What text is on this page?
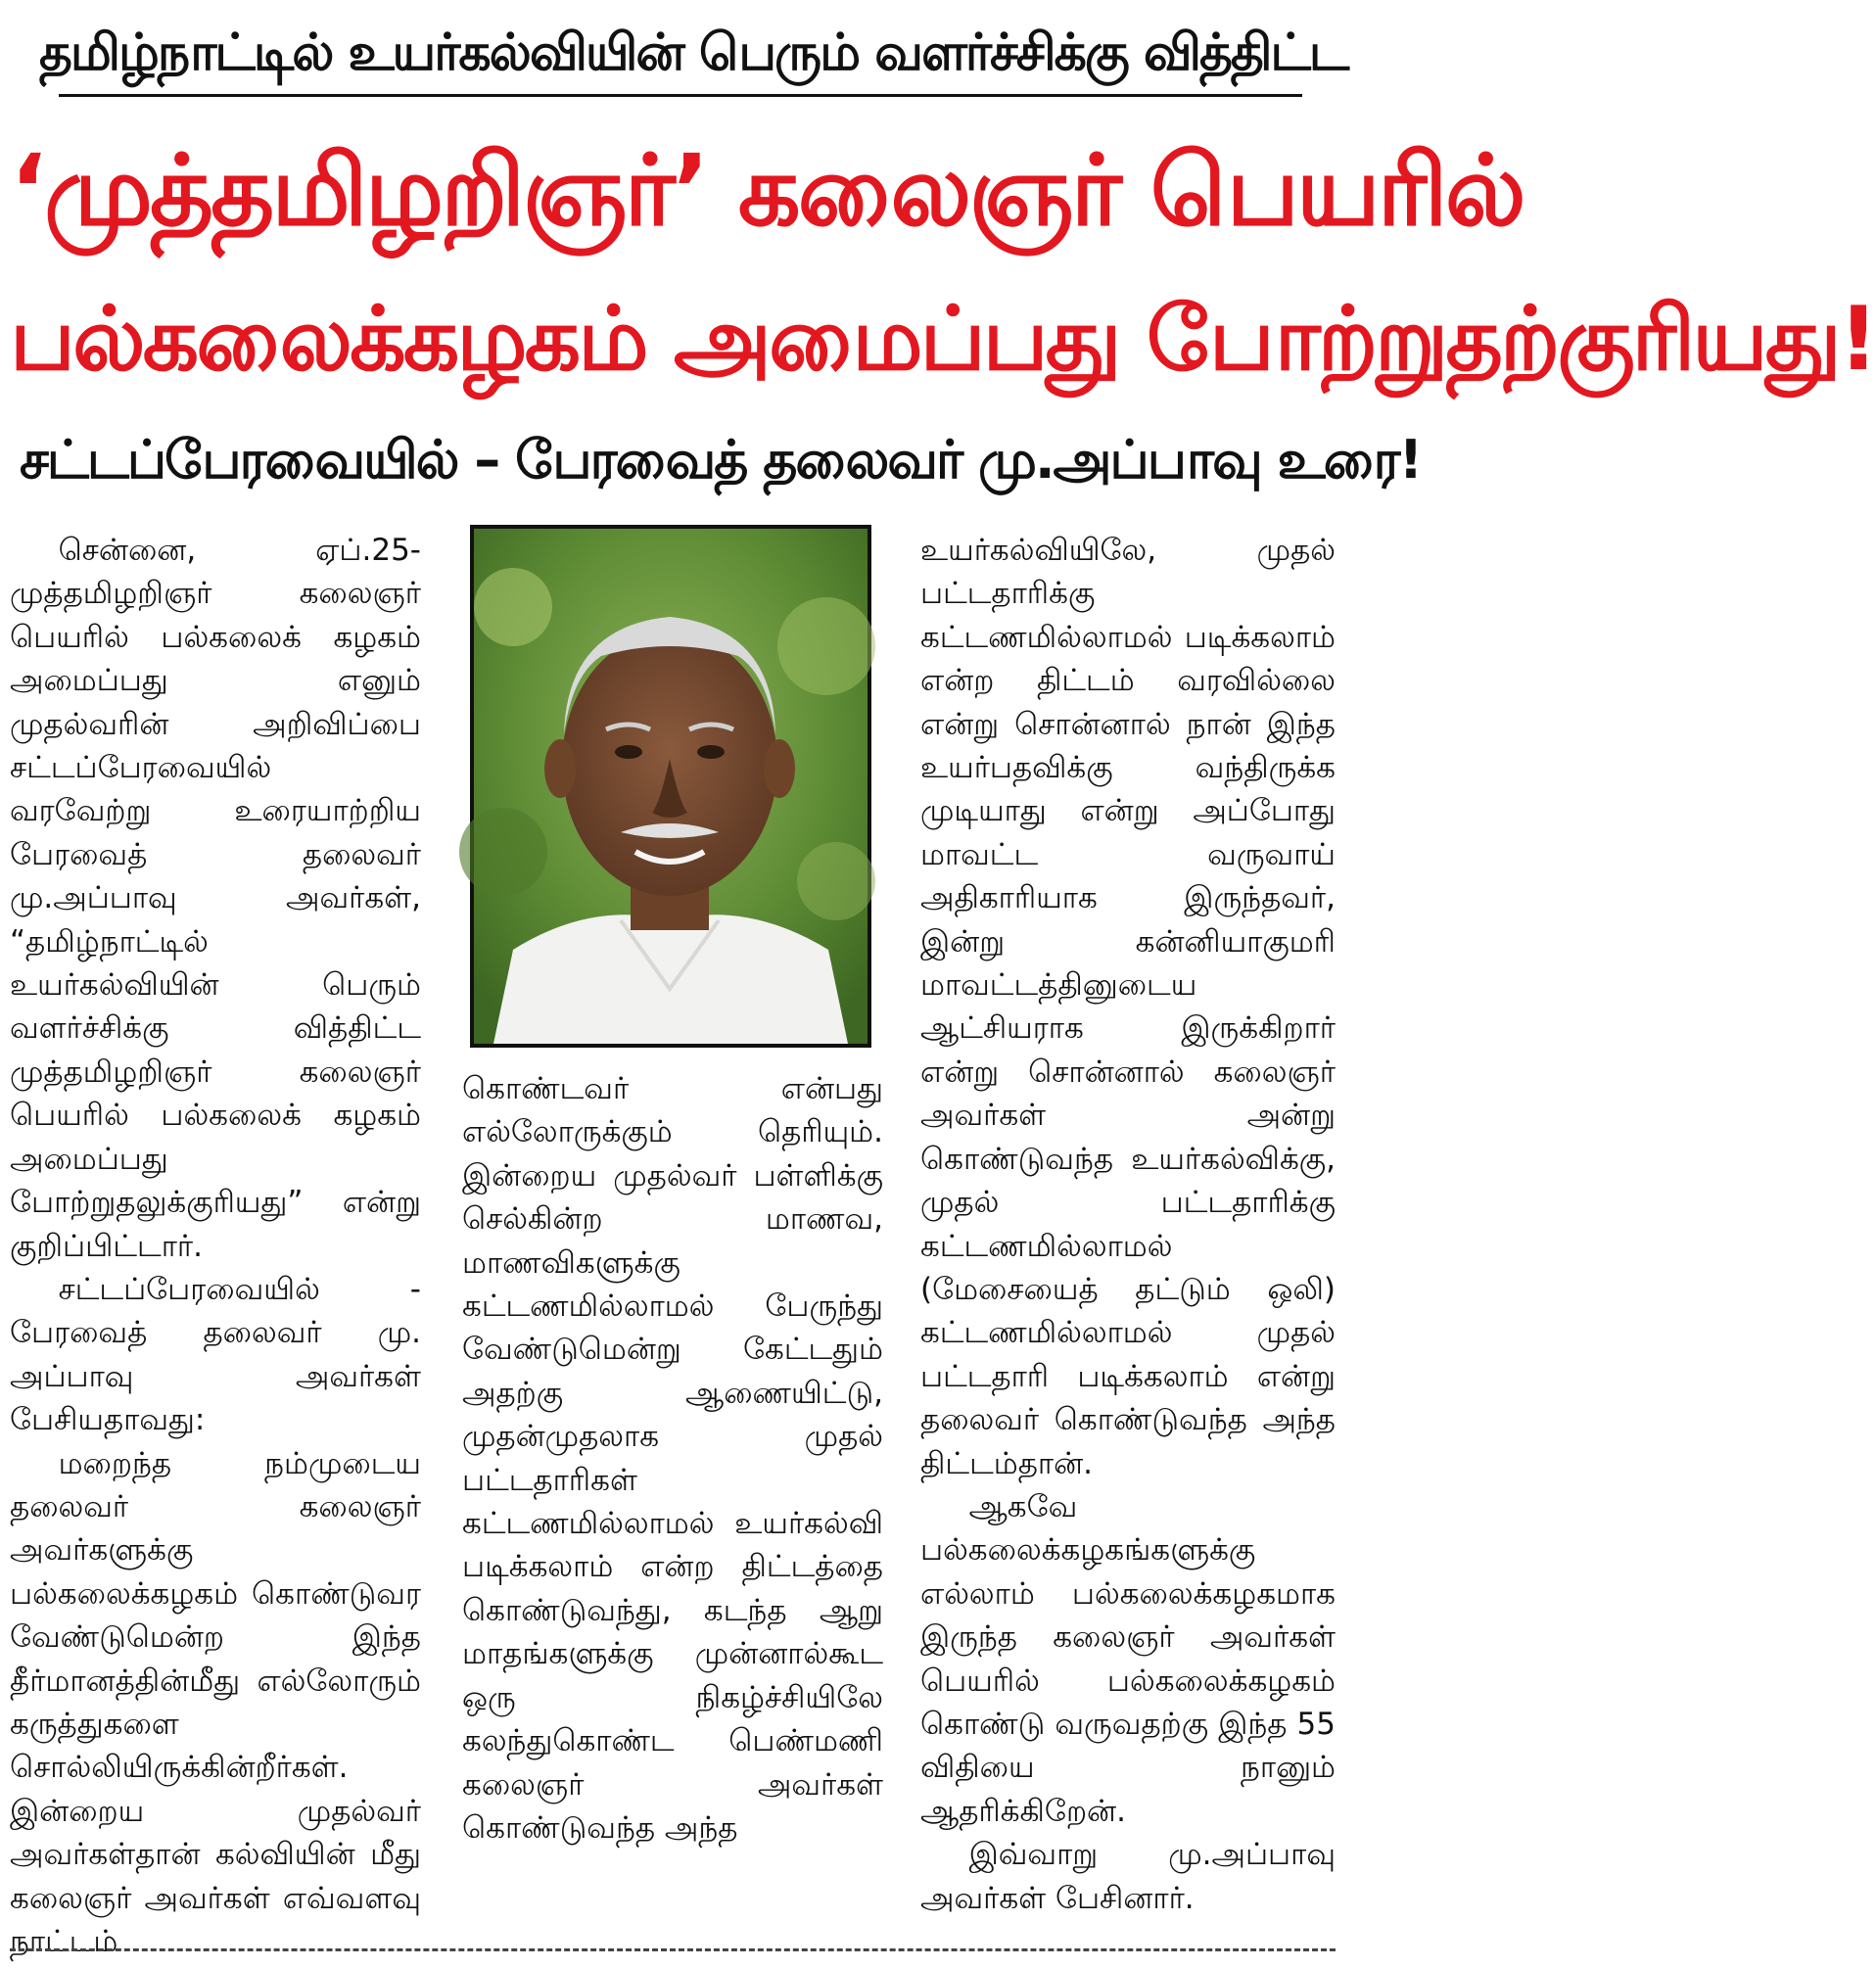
தமிழ்நாட்டில் உயர்கல்வியின் பெரும் வளர்ச்சிக்கு வித்திட்ட
‘முத்தமிழறிஞர்’ கலைஞர் பெயரில்
பல்கலைக்கழகம் அமைப்பது போற்றுதற்குரியது!
சட்டப்பேரவையில் – பேரவைத் தலைவர் மு.அப்பாவு உரை!

சென்னை, ஏப்.25- முத்தமிழறிஞர் கலைஞர் பெயரில் பல்கலைக் கழகம் அமைப்பது எனும் முதல்வரின் அறிவிப்பை சட்டப்பேரவையில் வரவேற்று உரையாற்றிய பேரவைத் தலைவர் மு.அப்பாவு அவர்கள், “தமிழ்நாட்டில் உயர்கல்வியின் பெரும் வளர்ச்சிக்கு வித்திட்ட முத்தமிழறிஞர் கலைஞர் பெயரில் பல்கலைக் கழகம் அமைப்பது போற்றுதலுக்குரியது” என்று குறிப்பிட்டார்.

சட்டப்பேரவையில் - பேரவைத் தலைவர் மு. அப்பாவு அவர்கள் பேசியதாவது:

மறைந்த நம்முடைய தலைவர் கலைஞர் அவர்களுக்கு பல்கலைக்கழகம் கொண்டுவர வேண்டுமென்ற இந்த தீர்மானத்தின்மீது எல்லோரும் கருத்துகளை சொல்லியிருக்கின்றீர்கள். இன்றைய முதல்வர் அவர்கள்தான் கல்வியின் மீது கலைஞர் அவர்கள் எவ்வளவு நாட்டம்

கொண்டவர் என்பது எல்லோருக்கும் தெரியும். இன்றைய முதல்வர் பள்ளிக்கு செல்கின்ற மாணவ, மாணவிகளுக்கு கட்டணமில்லாமல் பேருந்து வேண்டுமென்று கேட்டதும் அதற்கு ஆணையிட்டு, முதன்முதலாக முதல் பட்டதாரிகள் கட்டணமில்லாமல் உயர்கல்வி படிக்கலாம் என்ற திட்டத்தை கொண்டுவந்து, கடந்த ஆறு மாதங்களுக்கு முன்னால்கூட ஒரு நிகழ்ச்சியிலே கலந்துகொண்ட பெண்மணி கலைஞர் அவர்கள் கொண்டுவந்த அந்த

உயர்கல்வியிலே, முதல் பட்டதாரிக்கு கட்டணமில்லாமல் படிக்கலாம் என்ற திட்டம் வரவில்லை என்று சொன்னால் நான் இந்த உயர்பதவிக்கு வந்திருக்க முடியாது என்று அப்போது மாவட்ட வருவாய் அதிகாரியாக இருந்தவர், இன்று கன்னியாகுமரி மாவட்டத்தினுடைய ஆட்சியராக இருக்கிறார் என்று சொன்னால் கலைஞர் அவர்கள் அன்று கொண்டுவந்த உயர்கல்விக்கு, முதல் பட்டதாரிக்கு கட்டணமில்லாமல் (மேசையைத் தட்டும் ஒலி) கட்டணமில்லாமல் முதல் பட்டதாரி படிக்கலாம் என்று தலைவர் கொண்டுவந்த அந்த திட்டம்தான்.

ஆகவே பல்கலைக்கழகங்களுக்கு எல்லாம் பல்கலைக்கழகமாக இருந்த கலைஞர் அவர்கள் பெயரில் பல்கலைக்கழகம் கொண்டு வருவதற்கு இந்த 55 விதியை நானும் ஆதரிக்கிறேன்.

இவ்வாறு மு.அப்பாவு அவர்கள் பேசினார்.
